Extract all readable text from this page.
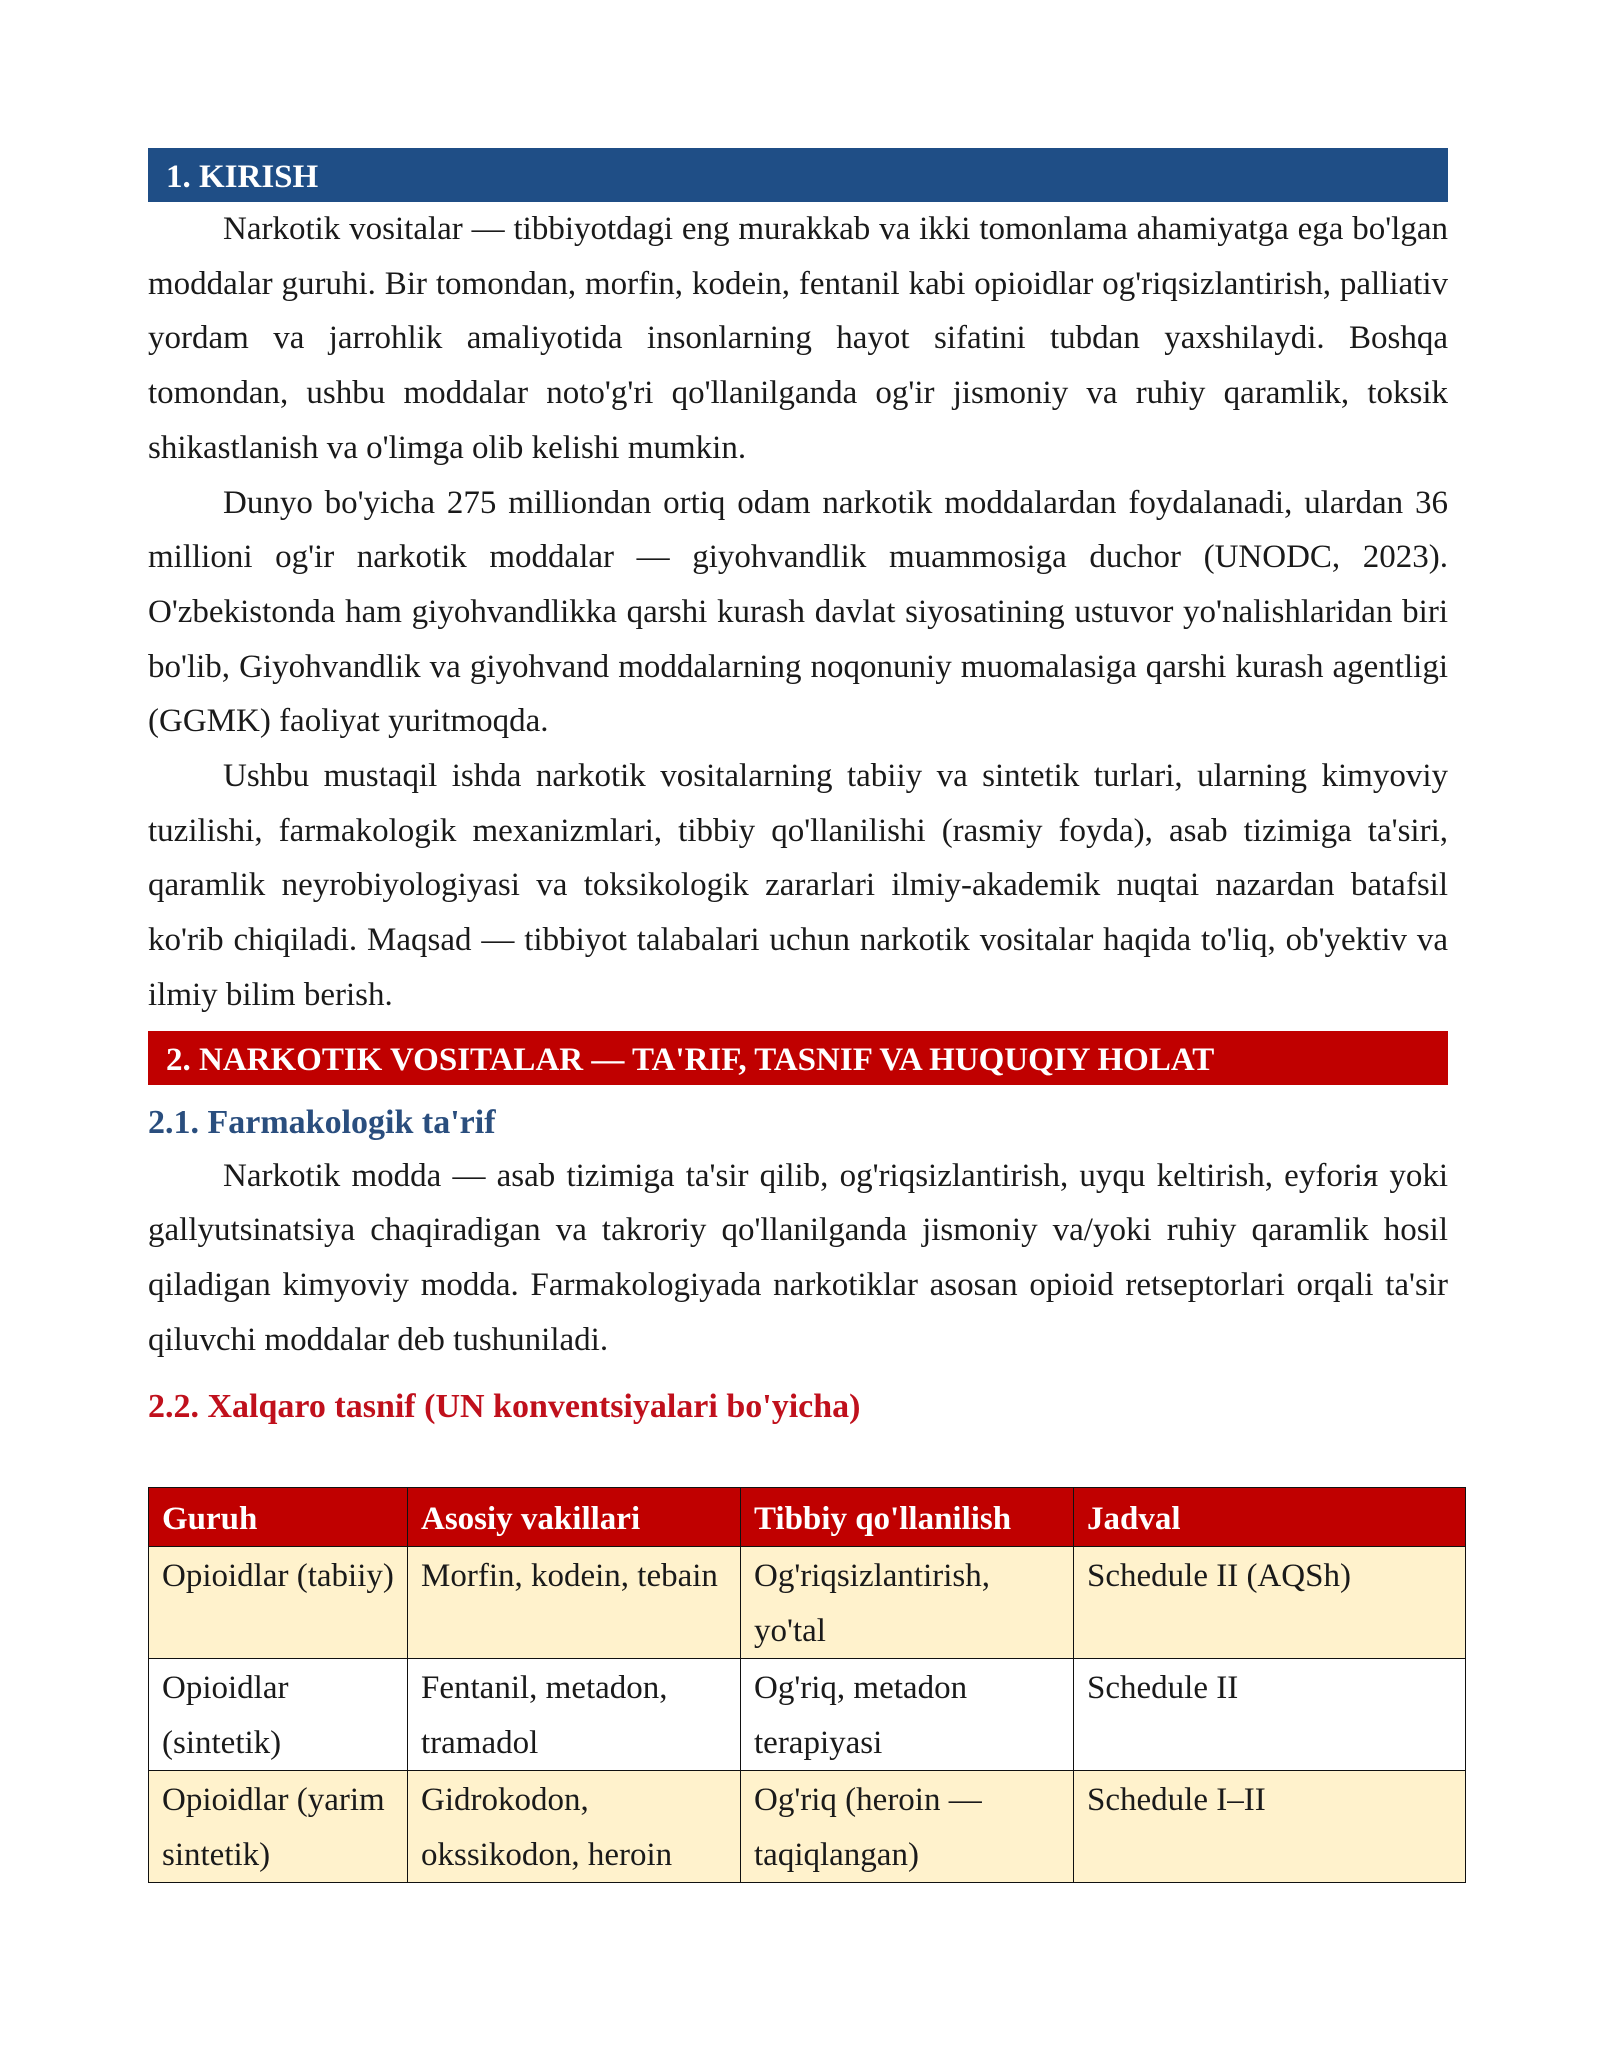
1. KIRISH

Narkotik vositalar — tibbiyotdagi eng murakkab va ikki tomonlama ahamiyatga ega bo'lgan moddalar guruhi. Bir tomondan, morfin, kodein, fentanil kabi opioidlar og'riqsizlantirish, palliativ yordam va jarrohlik amaliyotida insonlarning hayot sifatini tubdan yaxshilaydi. Boshqa tomondan, ushbu moddalar noto'g'ri qo'llanilganda og'ir jismoniy va ruhiy qaramlik, toksik shikastlanish va o'limga olib kelishi mumkin.

Dunyo bo'yicha 275 milliondan ortiq odam narkotik moddalardan foydalanadi, ulardan 36 millioni og'ir narkotik moddalar — giyohvandlik muammosiga duchor (UNODC, 2023). O'zbekistonda ham giyohvandlikka qarshi kurash davlat siyosatining ustuvor yo'nalishlaridan biri bo'lib, Giyohvandlik va giyohvand moddalarning noqonuniy muomalasiga qarshi kurash agentligi (GGMK) faoliyat yuritmoqda.

Ushbu mustaqil ishda narkotik vositalarning tabiiy va sintetik turlari, ularning kimyoviy tuzilishi, farmakologik mexanizmlari, tibbiy qo'llanilishi (rasmiy foyda), asab tizimiga ta'siri, qaramlik neyrobiyologiyasi va toksikologik zararlari ilmiy-akademik nuqtai nazardan batafsil ko'rib chiqiladi. Maqsad — tibbiyot talabalari uchun narkotik vositalar haqida to'liq, ob'yektiv va ilmiy bilim berish.

2. NARKOTIK VOSITALAR — TA'RIF, TASNIF VA HUQUQIY HOLAT
2.1. Farmakologik ta'rif

Narkotik modda — asab tizimiga ta'sir qilib, og'riqsizlantirish, uyqu keltirish, eyforiя yoki gallyutsinatsiya chaqiradigan va takroriy qo'llanilganda jismoniy va/yoki ruhiy qaramlik hosil qiladigan kimyoviy modda. Farmakologiyada narkotiklar asosan opioid retseptorlari orqali ta'sir qiluvchi moddalar deb tushuniladi.

2.2. Xalqaro tasnif (UN konventsiyalari bo'yicha)
Guruh	Asosiy vakillari	Tibbiy qo'llanilish	Jadval
Opioidlar (tabiiy)	Morfin, kodein, tebain	Og'riqsizlantirish, yo'tal	Schedule II (AQSh)
Opioidlar (sintetik)	Fentanil, metadon, tramadol	Og'riq, metadon terapiyasi	Schedule II
Opioidlar (yarim sintetik)	Gidrokodon, okssikodon, heroin	Og'riq (heroin — taqiqlangan)	Schedule I–II
